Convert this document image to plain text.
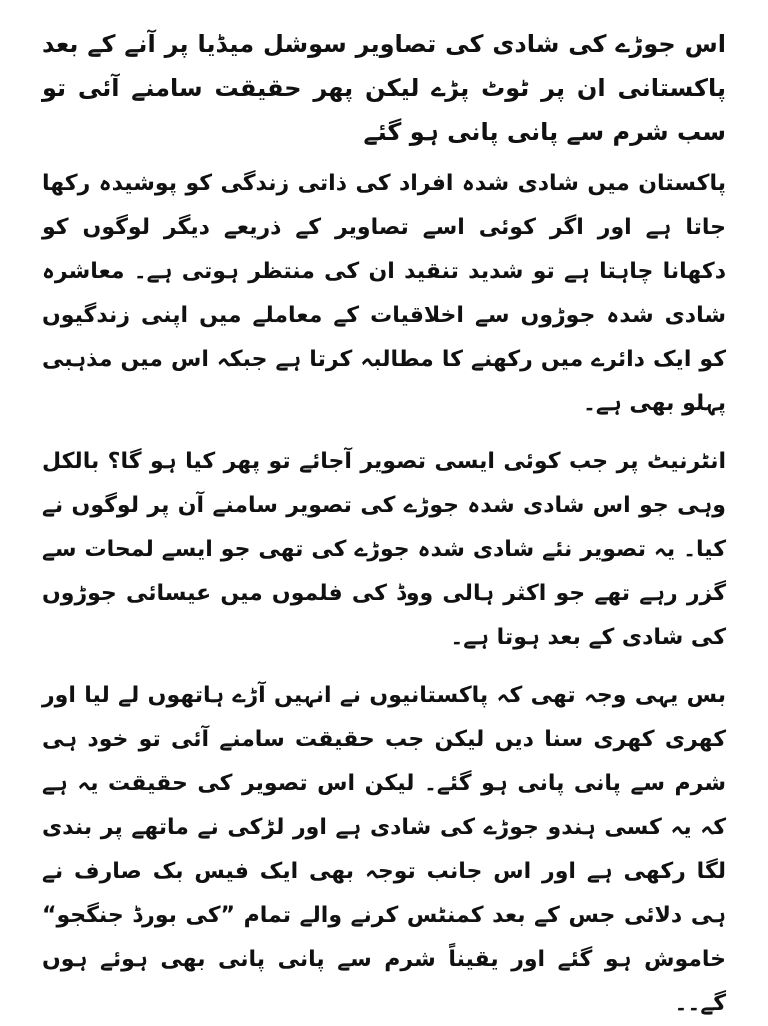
اس جوڑے کی شادی کی تصاویر سوشل میڈیا پر آنے کے بعد پاکستانی ان پر ٹوٹ پڑے لیکن پھر حقیقت سامنے آئی تو سب شرم سے پانی پانی ہو گئے

پاکستان میں شادی شدہ افراد کی ذاتی زندگی کو پوشیدہ رکھا جاتا ہے اور اگر کوئی اسے تصاویر کے ذریعے دیگر لوگوں کو دکھانا چاہتا ہے تو شدید تنقید ان کی منتظر ہوتی ہے۔ معاشرہ شادی شدہ جوڑوں سے اخلاقیات کے معاملے میں اپنی زندگیوں کو ایک دائرے میں رکھنے کا مطالبہ کرتا ہے جبکہ اس میں مذہبی پہلو بھی ہے۔

انٹرنیٹ پر جب کوئی ایسی تصویر آجائے تو پھر کیا ہو گا؟ بالکل وہی جو اس شادی شدہ جوڑے کی تصویر سامنے آن پر لوگوں نے کیا۔ یہ تصویر نئے شادی شدہ جوڑے کی تھی جو ایسے لمحات سے گزر رہے تھے جو اکثر ہالی ووڈ کی فلموں میں عیسائی جوڑوں کی شادی کے بعد ہوتا ہے۔

بس یہی وجہ تھی کہ پاکستانیوں نے انہیں آڑے ہاتھوں لے لیا اور کھری کھری سنا دیں لیکن جب حقیقت سامنے آئی تو خود ہی شرم سے پانی پانی ہو گئے۔ لیکن اس تصویر کی حقیقت یہ ہے کہ یہ کسی ہندو جوڑے کی شادی ہے اور لڑکی نے ماتھے پر بندی لگا رکھی ہے اور اس جانب توجہ بھی ایک فیس بک صارف نے ہی دلائی جس کے بعد کمنٹس کرنے والے تمام ”کی بورڈ جنگجو“ خاموش ہو گئے اور یقیناً شرم سے پانی پانی بھی ہوئے ہوں گے۔۔
